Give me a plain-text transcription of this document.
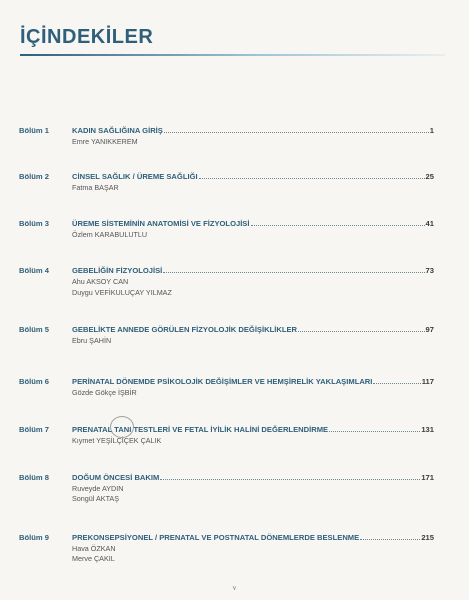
İÇİNDEKİLER
Bölüm 1	KADIN SAĞLIĞINA GİRİŞ	1
Emre YANIKKEREM
Bölüm 2	CİNSEL SAĞLIK / ÜREME SAĞLIĞI	25
Fatma BAŞAR
Bölüm 3	ÜREME SİSTEMİNİN ANATOMİSİ VE FİZYOLOJİSİ	41
Özlem KARABULUTLU
Bölüm 4	GEBELİĞİN FİZYOLOJİSİ	73
Ahu AKSOY CAN
Duygu VEFİKULUÇAY YILMAZ
Bölüm 5	GEBELİKTE ANNEDE GÖRÜLEN FİZYOLOJİK DEĞİŞİKLİKLER	97
Ebru ŞAHİN
Bölüm 6	PERİNATAL DÖNEMDE PSİKOLOJİK DEĞİŞİMLER VE HEMŞİRELİK YAKLAŞIMLARI	117
Gözde Gökçe İŞBİR
Bölüm 7	PRENATAL TANI TESTLERİ VE FETAL İYİLİK HALİNİ DEĞERLENDİRME	131
Kıymet YEŞİLÇİÇEK ÇALIK
Bölüm 8	DOĞUM ÖNCESİ BAKIM	171
Ruveyde AYDIN
Songül AKTAŞ
Bölüm 9	PREKONSEPSİYONEL / PRENATAL VE POSTNATAL DÖNEMLERDE BESLENME	215
Hava ÖZKAN
Merve ÇAKIL
v
